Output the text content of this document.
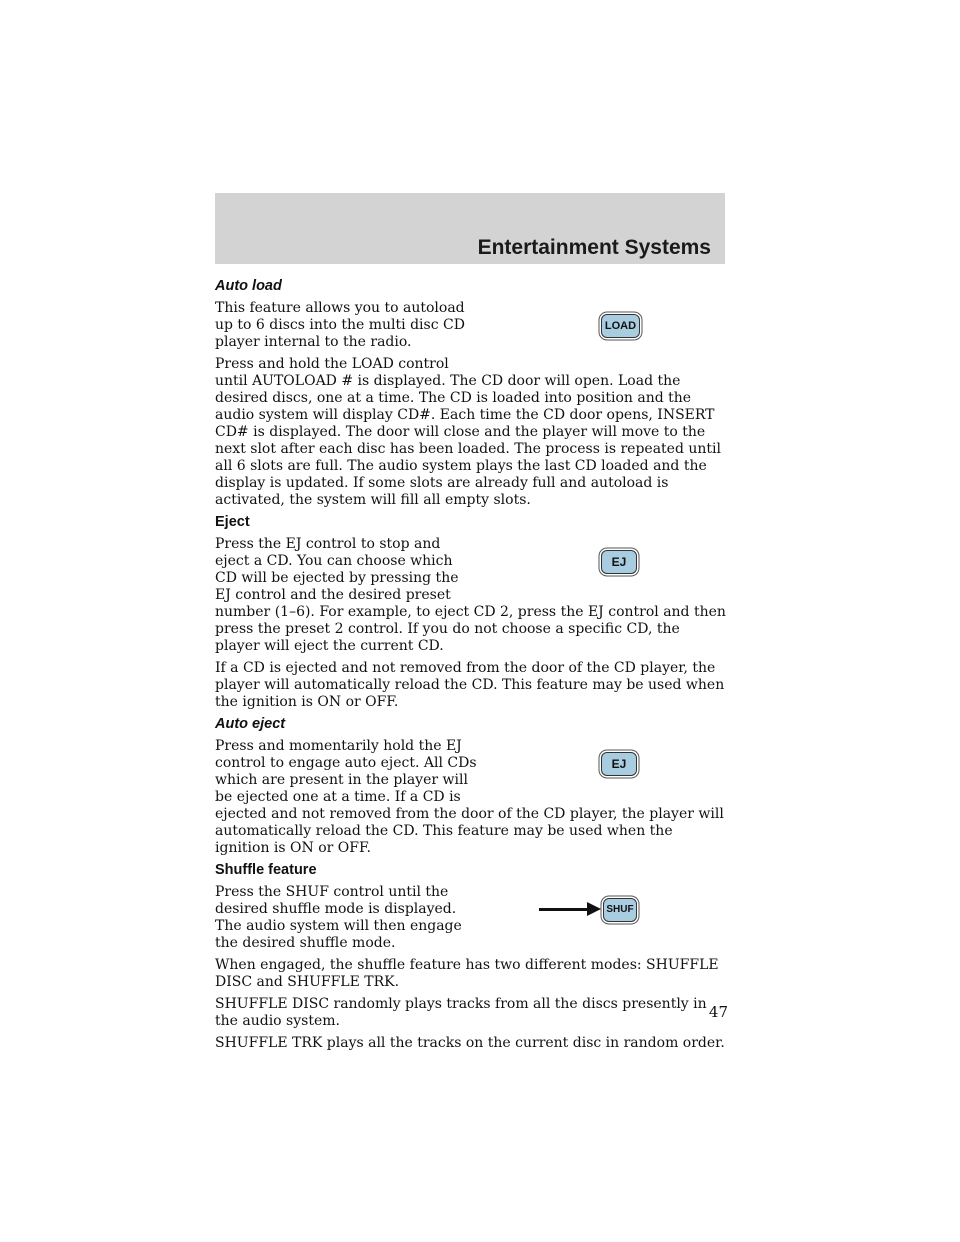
Entertainment Systems
Auto load
LOAD

This feature allows you to autoload up to 6 discs into the multi disc CD player internal to the radio.

Press and hold the LOAD control until AUTOLOAD # is displayed. The CD door will open. Load the desired discs, one at a time. The CD is loaded into position and the audio system will display CD#. Each time the CD door opens, INSERT CD# is displayed. The door will close and the player will move to the next slot after each disc has been loaded. The process is repeated until all 6 slots are full. The audio system plays the last CD loaded and the display is updated. If some slots are already full and autoload is activated, the system will fill all empty slots.

Eject
EJ

Press the EJ control to stop and eject a CD. You can choose which CD will be ejected by pressing the EJ control and the desired preset number (1–6). For example, to eject CD 2, press the EJ control and then press the preset 2 control. If you do not choose a specific CD, the player will eject the current CD.

If a CD is ejected and not removed from the door of the CD player, the player will automatically reload the CD. This feature may be used when the ignition is ON or OFF.

Auto eject
EJ

Press and momentarily hold the EJ control to engage auto eject. All CDs which are present in the player will be ejected one at a time. If a CD is ejected and not removed from the door of the CD player, the player will automatically reload the CD. This feature may be used when the ignition is ON or OFF.

Shuffle feature
SHUF

Press the SHUF control until the desired shuffle mode is displayed. The audio system will then engage the desired shuffle mode.

When engaged, the shuffle feature has two different modes: SHUFFLE DISC and SHUFFLE TRK.

SHUFFLE DISC randomly plays tracks from all the discs presently in the audio system.

SHUFFLE TRK plays all the tracks on the current disc in random order.

47
